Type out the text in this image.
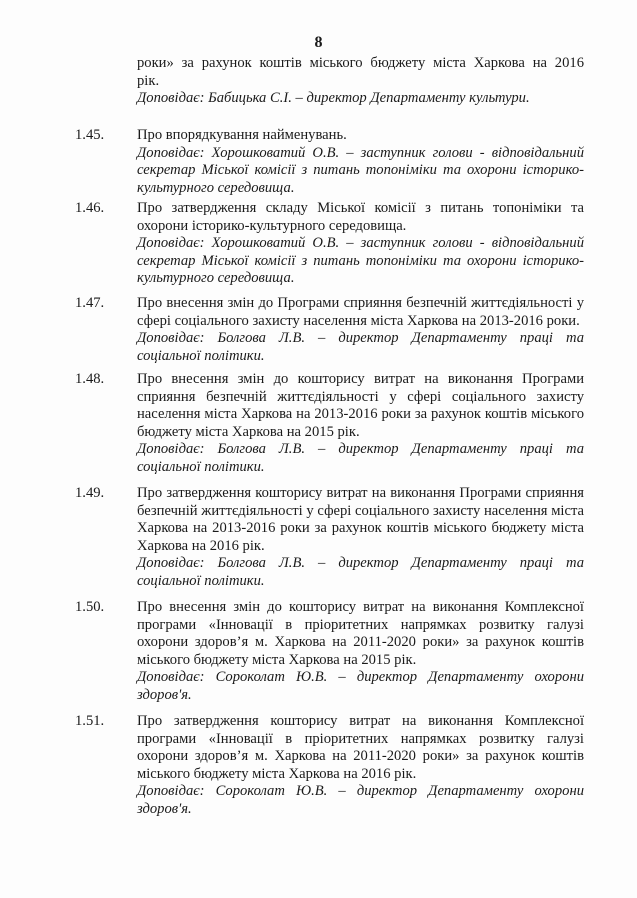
8
роки» за рахунок коштів міського бюджету міста Харкова на 2016
рік.
Доповідає: Бабицька С.І. – директор Департаменту культури.
1.45.	Про впорядкування найменувань.
Доповідає: Хорошковатий О.В. – заступник голови - відповідальний
секретар Міської комісії з питань топоніміки та охорони історико-
культурного середовища.
1.46.	Про затвердження складу Міської комісії з питань топоніміки та
охорони історико-культурного середовища.
Доповідає: Хорошковатий О.В. – заступник голови - відповідальний
секретар Міської комісії з питань топоніміки та охорони історико-
культурного середовища.
1.47.	Про внесення змін до Програми сприяння безпечній життєдіяльності у
сфері соціального захисту населення міста Харкова на 2013-2016 роки.
Доповідає: Болгова Л.В. – директор Департаменту праці та
соціальної політики.
1.48.	Про внесення змін до кошторису витрат на виконання Програми
сприяння безпечній життєдіяльності у сфері соціального захисту
населення міста Харкова на 2013-2016 роки за рахунок коштів міського
бюджету міста Харкова на 2015 рік.
Доповідає: Болгова Л.В. – директор Департаменту праці та
соціальної політики.
1.49.	Про затвердження кошторису витрат на виконання Програми сприяння
безпечній життєдіяльності у сфері соціального захисту населення міста
Харкова на 2013-2016 роки за рахунок коштів міського бюджету міста
Харкова на 2016 рік.
Доповідає: Болгова Л.В. – директор Департаменту праці та
соціальної політики.
1.50.	Про внесення змін до кошторису витрат на виконання Комплексної
програми «Інновації в пріоритетних напрямках розвитку галузі
охорони здоров’я м. Харкова на 2011-2020 роки» за рахунок коштів
міського бюджету міста Харкова на 2015 рік.
Доповідає: Сороколат Ю.В. – директор Департаменту охорони
здоров'я.
1.51.	Про затвердження кошторису витрат на виконання Комплексної
програми «Інновації в пріоритетних напрямках розвитку галузі
охорони здоров’я м. Харкова на 2011-2020 роки» за рахунок коштів
міського бюджету міста Харкова на 2016 рік.
Доповідає: Сороколат Ю.В. – директор Департаменту охорони
здоров'я.
